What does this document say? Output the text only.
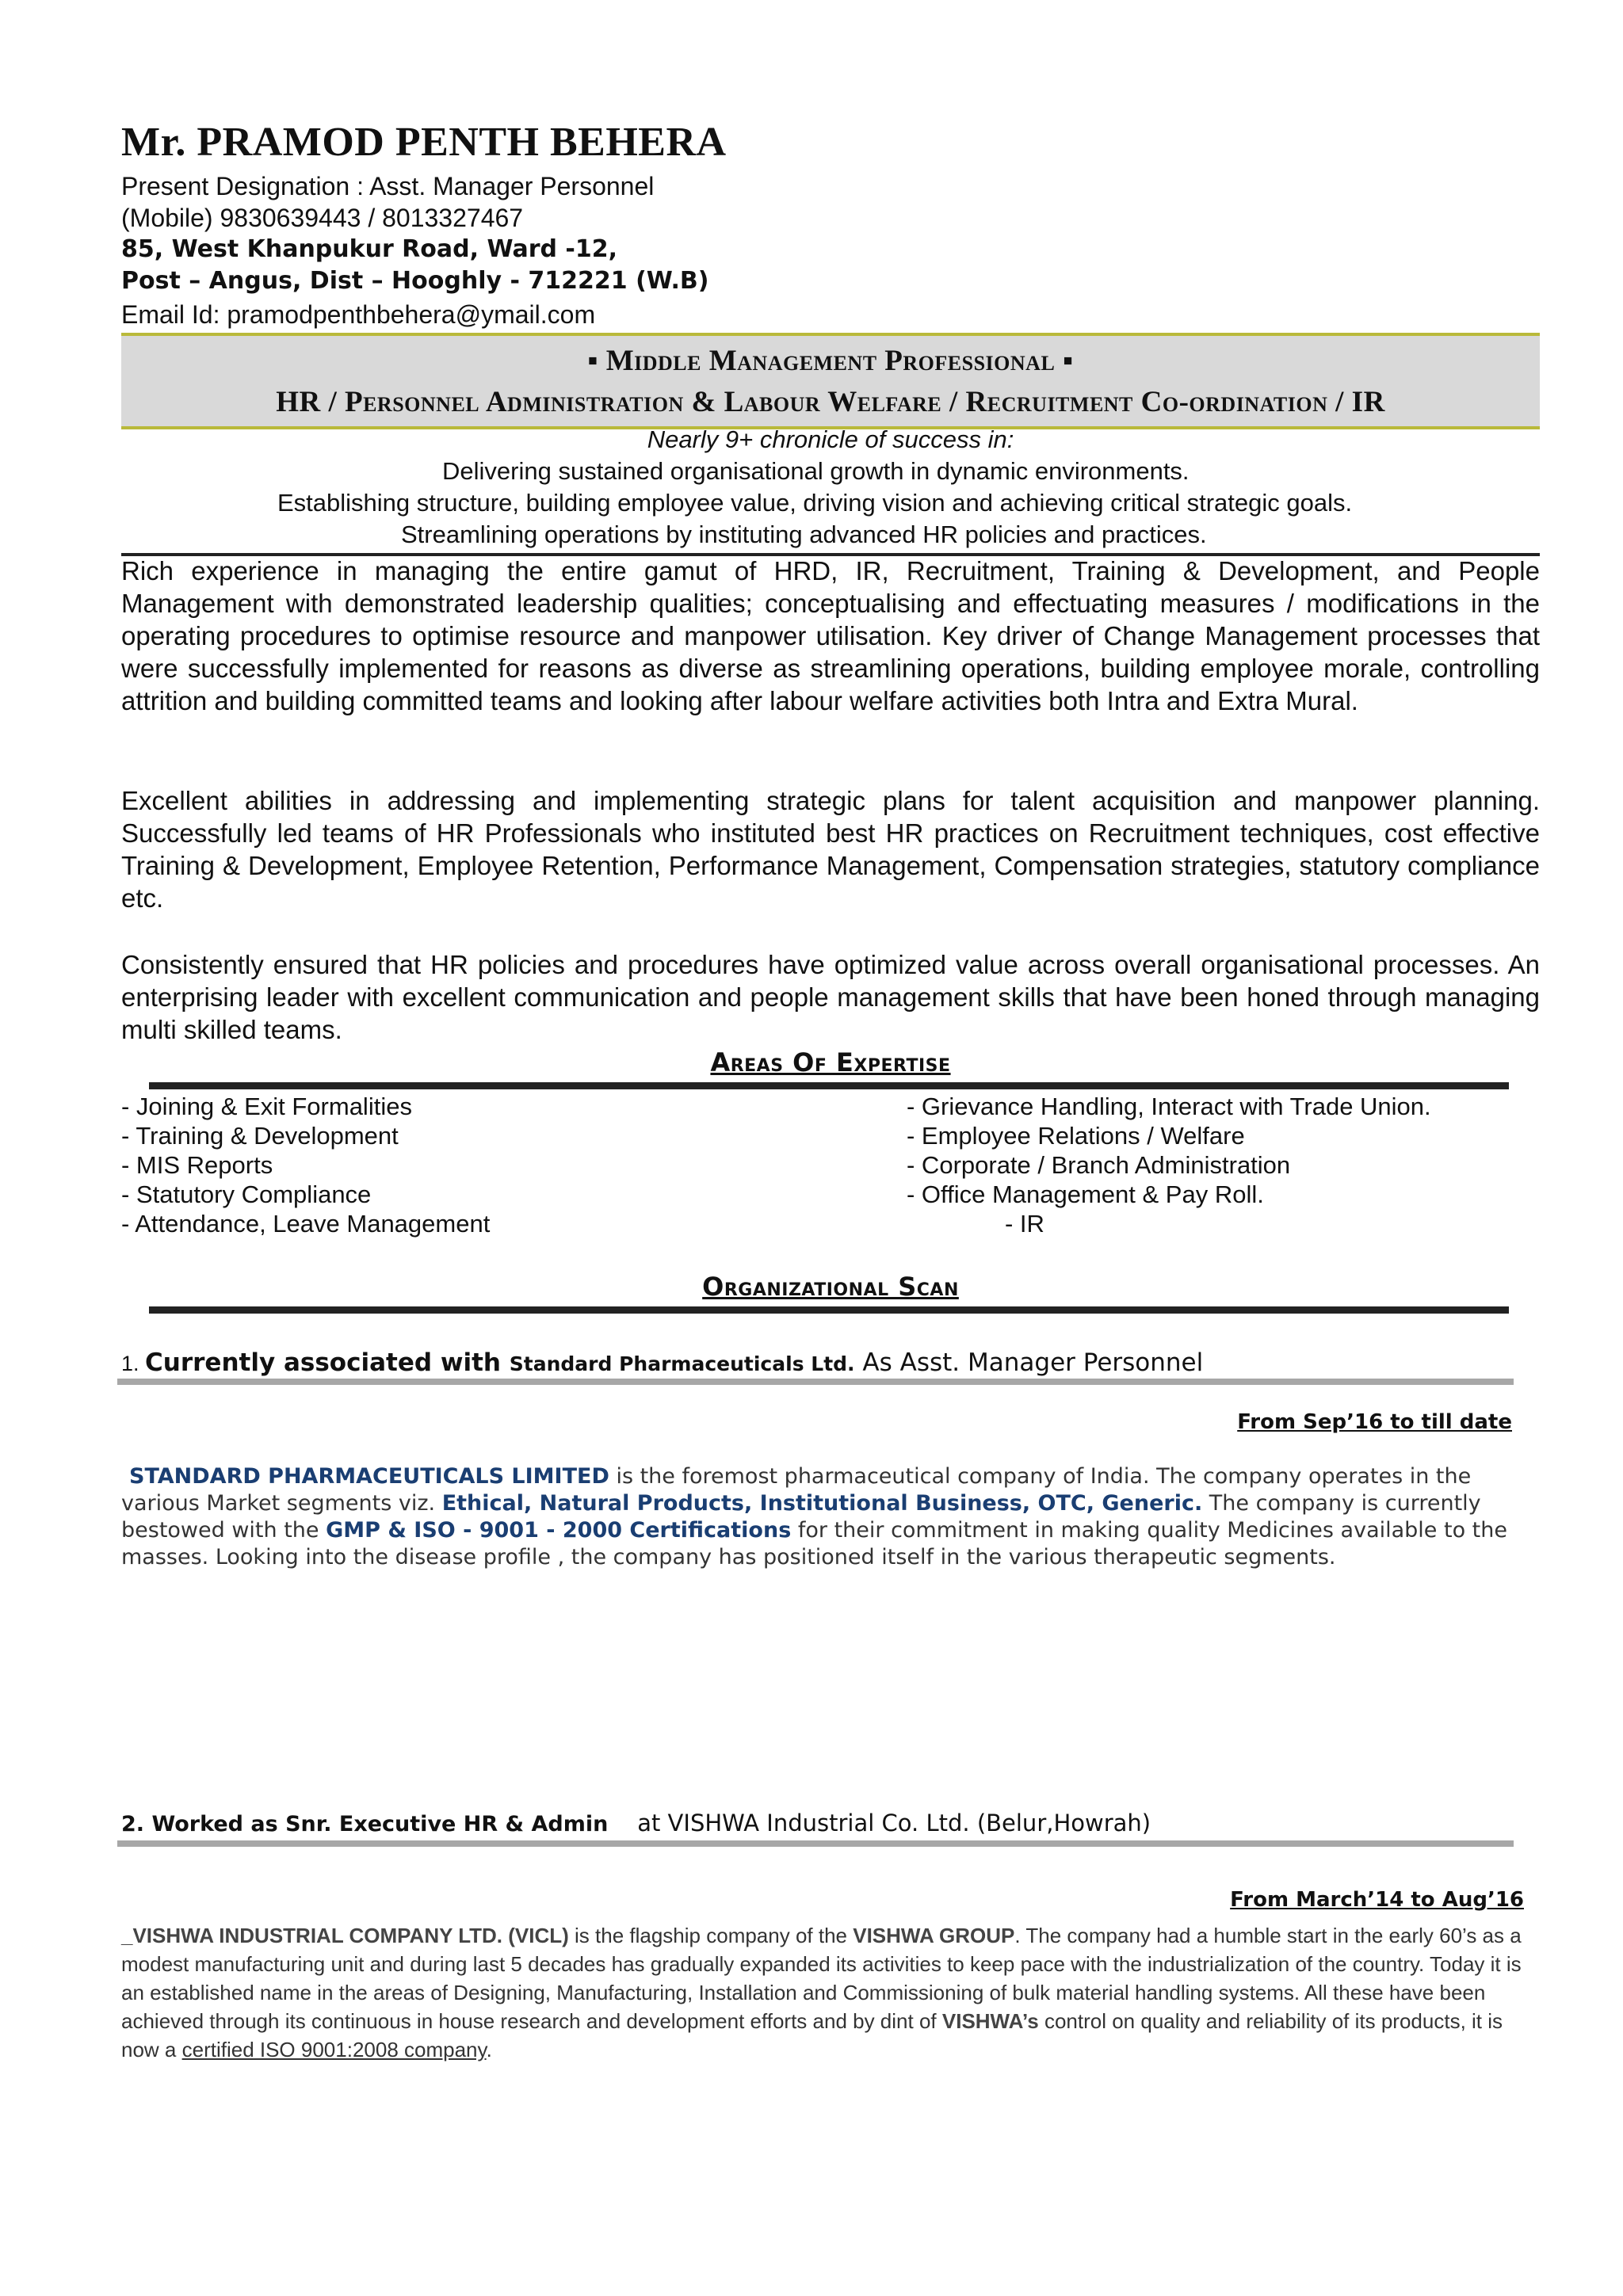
Mr. PRAMOD PENTH BEHERA
Present Designation : Asst. Manager Personnel
(Mobile) 9830639443 / 8013327467
85, West Khanpukur Road, Ward -12,
Post – Angus, Dist – Hooghly - 712221 (W.B)
Email Id: pramodpenthbehera@ymail.com
▪ Middle Management Professional ▪
HR / Personnel Administration & Labour Welfare / Recruitment Co-ordination / IR
Nearly 9+ chronicle of success in:
Delivering sustained organisational growth in dynamic environments.
Establishing structure, building employee value, driving vision and achieving critical strategic goals.
Streamlining operations by instituting advanced HR policies and practices.
Rich experience in managing the entire gamut of HRD, IR, Recruitment, Training & Development, and People Management with demonstrated leadership qualities; conceptualising and effectuating measures / modifications in the operating procedures to optimise resource and manpower utilisation. Key driver of Change Management processes that were successfully implemented for reasons as diverse as streamlining operations, building employee morale, controlling attrition and building committed teams and looking after labour welfare activities both Intra and Extra Mural.
Excellent abilities in addressing and implementing strategic plans for talent acquisition and manpower planning. Successfully led teams of HR Professionals who instituted best HR practices on Recruitment techniques, cost effective Training & Development, Employee Retention, Performance Management, Compensation strategies, statutory compliance etc.
Consistently ensured that HR policies and procedures have optimized value across overall organisational processes. An enterprising leader with excellent communication and people management skills that have been honed through managing multi skilled teams.
Areas Of Expertise
- Joining & Exit Formalities
- Training & Development
- MIS Reports
- Statutory Compliance
- Attendance, Leave Management
- Grievance Handling, Interact with Trade Union.
- Employee Relations / Welfare
- Corporate / Branch Administration
- Office Management & Pay Roll.
- IR
Organizational Scan
1. Currently associated with Standard Pharmaceuticals Ltd. As Asst. Manager Personnel
From Sep’16 to till date
STANDARD PHARMACEUTICALS LIMITED is the foremost pharmaceutical company of India. The company operates in the various Market segments viz. Ethical, Natural Products, Institutional Business, OTC, Generic. The company is currently bestowed with the GMP & ISO - 9001 - 2000 Certifications for their commitment in making quality Medicines available to the masses. Looking into the disease profile , the company has positioned itself in the various therapeutic segments.
2. Worked as Snr. Executive HR & Admin    at VISHWA Industrial Co. Ltd. (Belur,Howrah)
From March’14 to Aug’16
_VISHWA INDUSTRIAL COMPANY LTD. (VICL) is the flagship company of the VISHWA GROUP. The company had a humble start in the early 60’s as a modest manufacturing unit and during last 5 decades has gradually expanded its activities to keep pace with the industrialization of the country. Today it is an established name in the areas of Designing, Manufacturing, Installation and Commissioning of bulk material handling systems. All these have been achieved through its continuous in house research and development efforts and by dint of VISHWA’s control on quality and reliability of its products, it is now a certified ISO 9001:2008 company.
